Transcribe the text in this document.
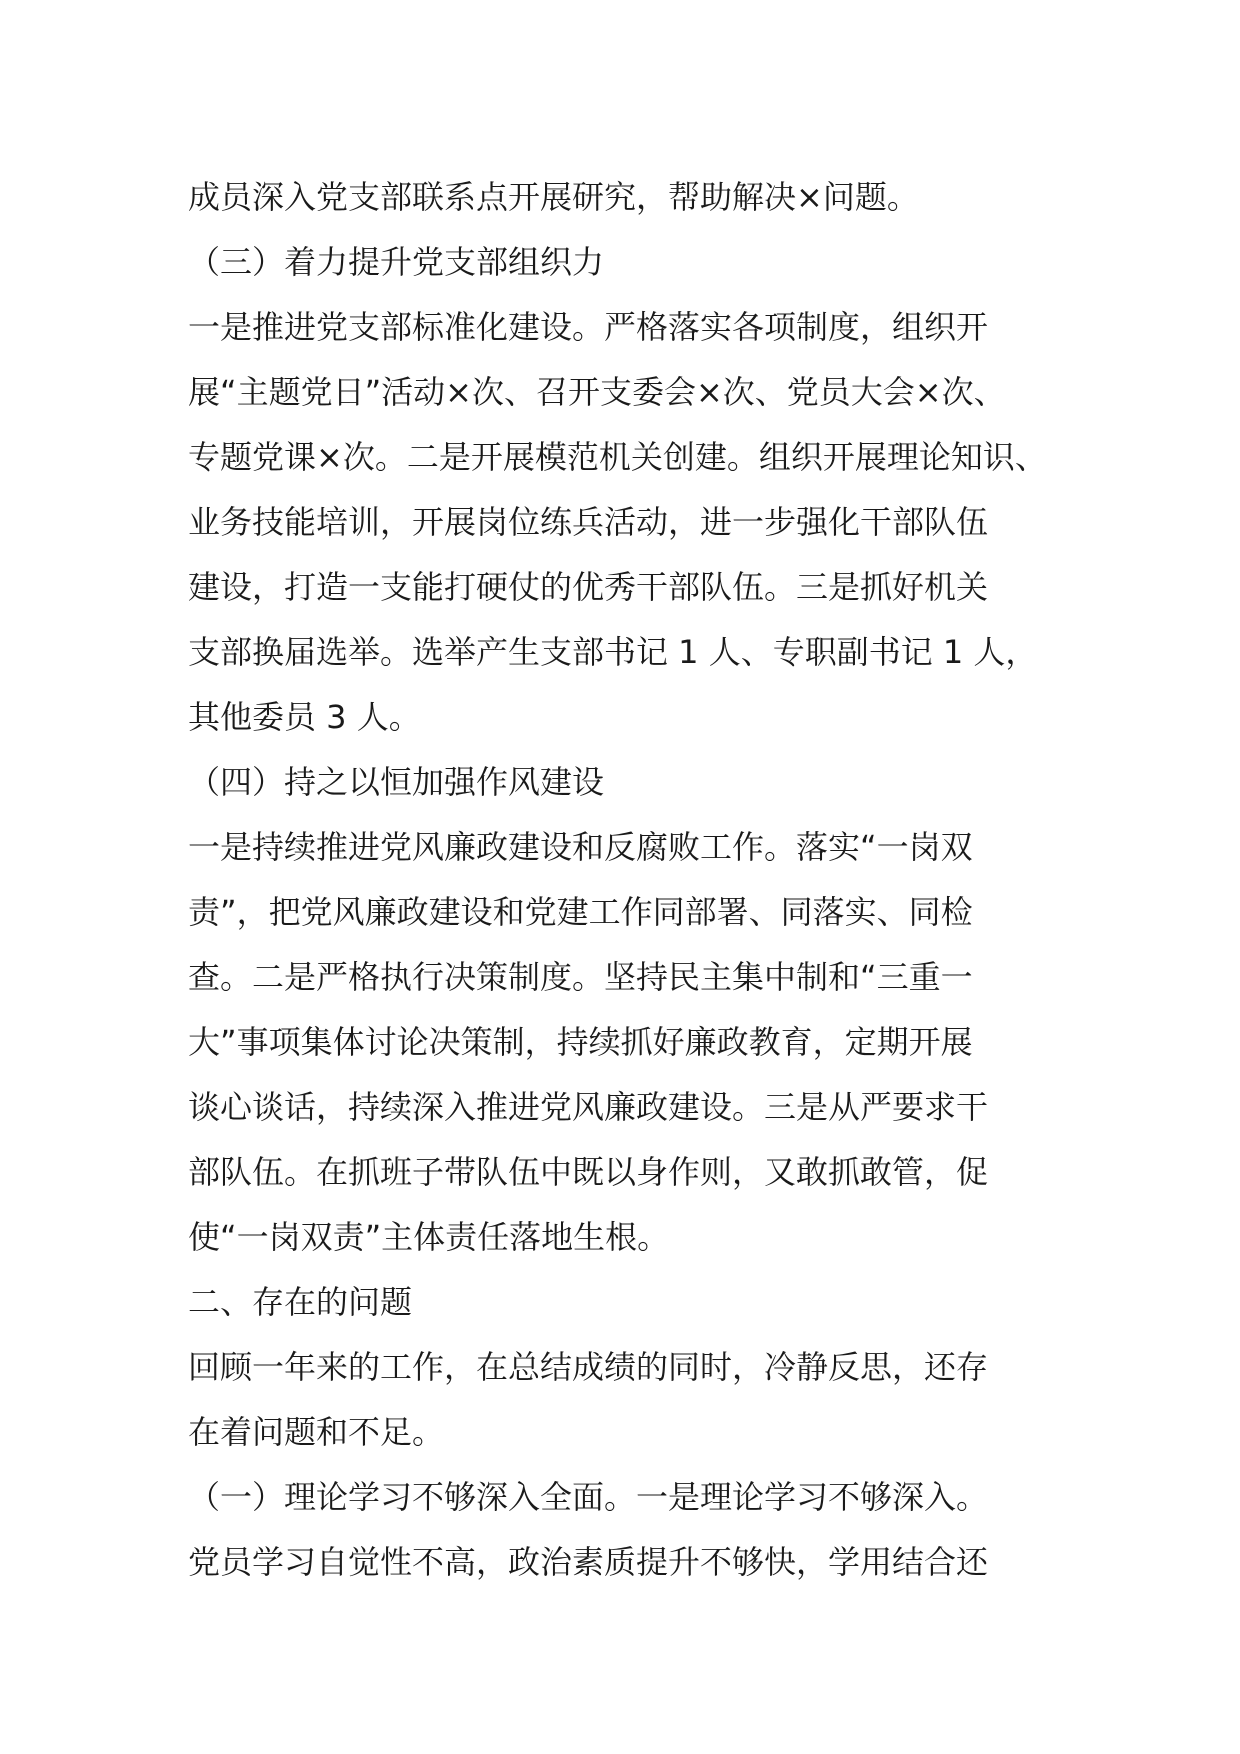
成员深入党支部联系点开展研究，帮助解决×问题。
（三）着力提升党支部组织力
一是推进党支部标准化建设。严格落实各项制度，组织开
展“主题党日”活动×次、召开支委会×次、党员大会×次、
专题党课×次。二是开展模范机关创建。组织开展理论知识、
业务技能培训，开展岗位练兵活动，进一步强化干部队伍
建设，打造一支能打硬仗的优秀干部队伍。三是抓好机关
支部换届选举。选举产生支部书记 1 人、专职副书记 1 人，
其他委员 3 人。
（四）持之以恒加强作风建设
一是持续推进党风廉政建设和反腐败工作。落实“一岗双
责”，把党风廉政建设和党建工作同部署、同落实、同检
查。二是严格执行决策制度。坚持民主集中制和“三重一
大”事项集体讨论决策制，持续抓好廉政教育，定期开展
谈心谈话，持续深入推进党风廉政建设。三是从严要求干
部队伍。在抓班子带队伍中既以身作则，又敢抓敢管，促
使“一岗双责”主体责任落地生根。
二、存在的问题
回顾一年来的工作，在总结成绩的同时，冷静反思，还存
在着问题和不足。
（一）理论学习不够深入全面。一是理论学习不够深入。
党员学习自觉性不高，政治素质提升不够快，学用结合还
